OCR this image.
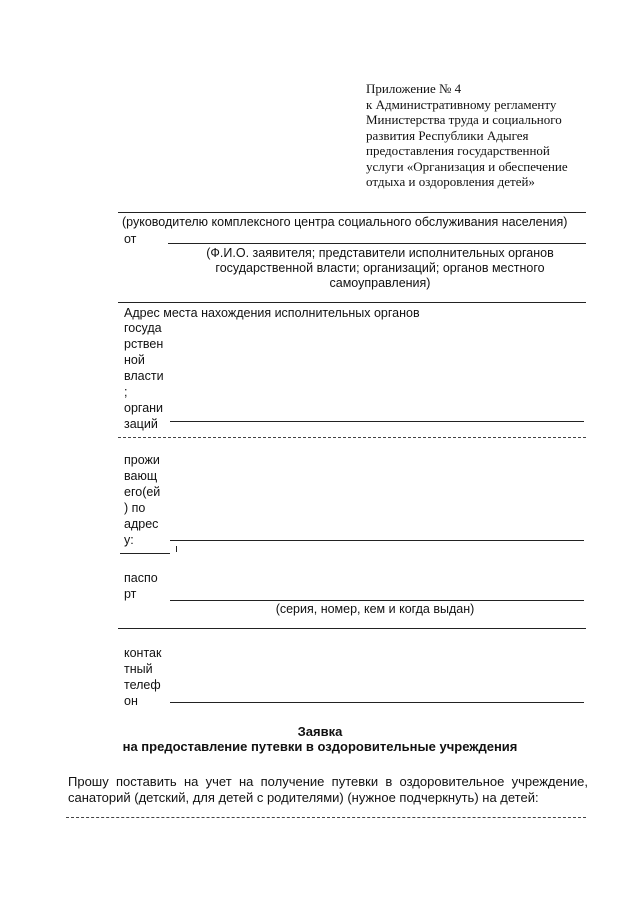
Приложение № 4
к Административному регламенту
Министерства труда и социального
развития Республики Адыгея
предоставления государственной
услуги «Организация и обеспечение
отдыха и оздоровления детей»
(руководителю комплексного центра социального обслуживания населения)
от
(Ф.И.О. заявителя; представители исполнительных органов
государственной власти; организаций; органов местного
самоуправления)
Адрес места нахождения исполнительных органов
госуда
рствен
ной
власти
;
органи
заций
прожи
вающ
его(ей
) по
адрес
у:
паспо
рт
(серия, номер, кем и когда выдан)
контак
тный
телеф
он
Заявка
на предоставление путевки в оздоровительные учреждения
Прошу поставить на учет на получение путевки в оздоровительное учреждение, санаторий (детский, для детей с родителями) (нужное подчеркнуть) на детей:
